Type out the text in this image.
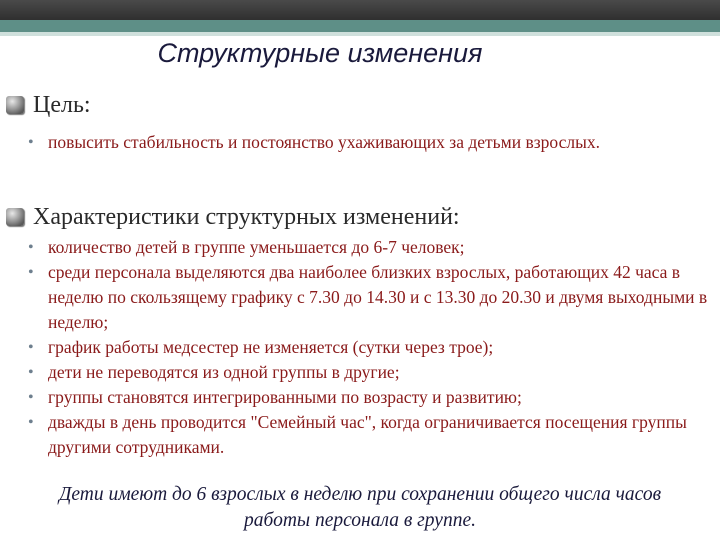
Структурные изменения
Цель:
• повысить стабильность и постоянство ухаживающих за детьми взрослых.
Характеристики структурных изменений:
• количество детей в группе уменьшается до 6-7 человек;
• среди персонала выделяются два наиболее близких взрослых, работающих 42 часа в неделю по скользящему графику с 7.30 до 14.30 и с 13.30 до 20.30 и двумя выходными в неделю;
• график работы медсестер не изменяется (сутки через трое);
• дети не переводятся из одной группы в другие;
• группы становятся интегрированными по возрасту и развитию;
• дважды в день проводится "Семейный час", когда ограничивается посещения группы другими сотрудниками.
Дети имеют до 6 взрослых в неделю при сохранении общего числа часов работы персонала в группе.
